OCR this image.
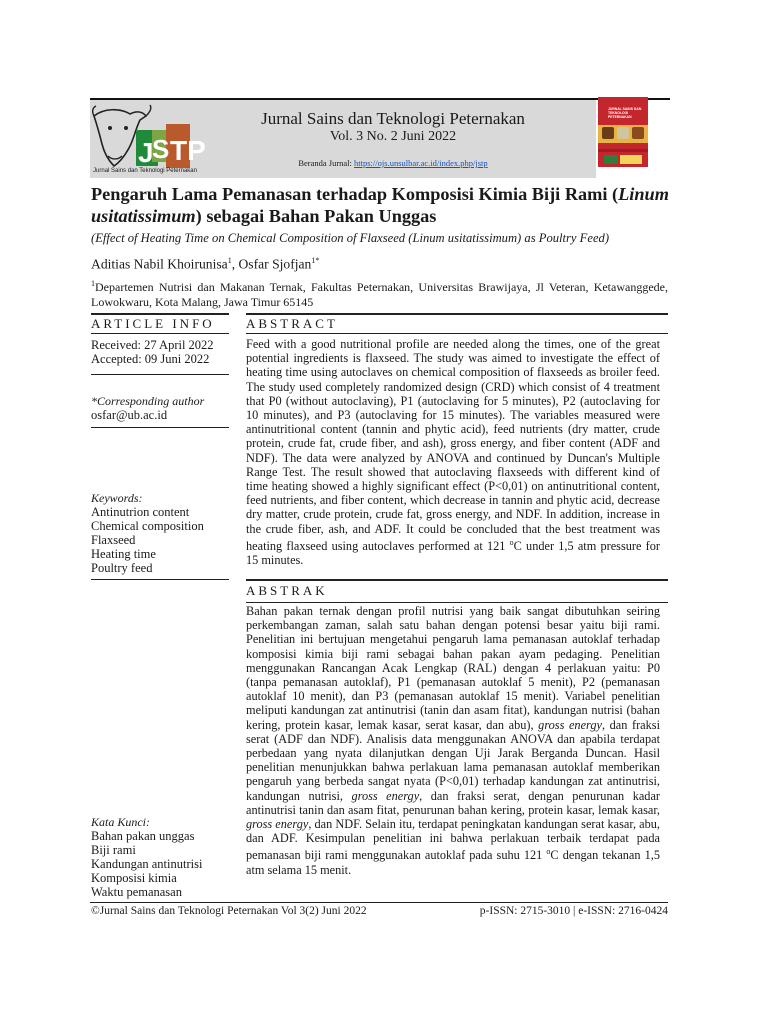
J
S TP
Jurnal Sains dan Teknologi Peternakan
Jurnal Sains dan Teknologi Peternakan
Vol. 3 No. 2 Juni 2022
Beranda Jurnal: https://ojs.unsulbar.ac.id/index.php/jstp
JURNAL SAINS DAN TEKNOLOGI PETERNAKAN
Pengaruh Lama Pemanasan terhadap Komposisi Kimia Biji Rami (Linum usitatissimum) sebagai Bahan Pakan Unggas
(Effect of Heating Time on Chemical Composition of Flaxseed (Linum usitatissimum) as Poultry Feed)
Aditias Nabil Khoirunisa$^1$, Osfar Sjofjan$^{1*}$
$^1$Departemen Nutrisi dan Makanan Ternak, Fakultas Peternakan, Universitas Brawijaya, Jl Veteran, Ketawanggede, Lowokwaru, Kota Malang, Jawa Timur 65145
ARTICLE INFO ABSTRACT
Received: 27 April 2022
Accepted: 09 Juni 2022
*Corresponding author
osfar@ub.ac.id
Keywords:
Antinutrion content
Chemical composition
Flaxseed
Heating time
Poultry feed
Feed with a good nutritional profile are needed along the times, one of the great potential ingredients is flaxseed. The study was aimed to investigate the effect of heating time using autoclaves on chemical composition of flaxseeds as broiler feed. The study used completely randomized design (CRD) which consist of 4 treatment that P0 (without autoclaving), P1 (autoclaving for 5 minutes), P2 (autoclaving for 10 minutes), and P3 (autoclaving for 15 minutes). The variables measured were antinutritional content (tannin and phytic acid), feed nutrients (dry matter, crude protein, crude fat, crude fiber, and ash), gross energy, and fiber content (ADF and NDF). The data were analyzed by ANOVA and continued by Duncan's Multiple Range Test. The result showed that autoclaving flaxseeds with different kind of time heating showed a highly significant effect (P<0,01) on antinutritional content, feed nutrients, and fiber content, which decrease in tannin and phytic acid, decrease dry matter, crude protein, crude fat, gross energy, and NDF. In addition, increase in the crude fiber, ash, and ADF. It could be concluded that the best treatment was heating flaxseed using autoclaves performed at 121 $^o$C under 1,5 atm pressure for 15 minutes.
ABSTRAK
Bahan pakan ternak dengan profil nutrisi yang baik sangat dibutuhkan seiring perkembangan zaman, salah satu bahan dengan potensi besar yaitu biji rami. Penelitian ini bertujuan mengetahui pengaruh lama pemanasan autoklaf terhadap komposisi kimia biji rami sebagai bahan pakan ayam pedaging. Penelitian menggunakan Rancangan Acak Lengkap (RAL) dengan 4 perlakuan yaitu: P0 (tanpa pemanasan autoklaf), P1 (pemanasan autoklaf 5 menit), P2 (pemanasan autoklaf 10 menit), dan P3 (pemanasan autoklaf 15 menit). Variabel penelitian meliputi kandungan zat antinutrisi (tanin dan asam fitat), kandungan nutrisi (bahan kering, protein kasar, lemak kasar, serat kasar, dan abu), gross energy, dan fraksi serat (ADF dan NDF). Analisis data menggunakan ANOVA dan apabila terdapat perbedaan yang nyata dilanjutkan dengan Uji Jarak Berganda Duncan. Hasil penelitian menunjukkan bahwa perlakuan lama pemanasan autoklaf memberikan pengaruh yang berbeda sangat nyata (P<0,01) terhadap kandungan zat antinutrisi, kandungan nutrisi, gross energy, dan fraksi serat, dengan penurunan kadar antinutrisi tanin dan asam fitat, penurunan bahan kering, protein kasar, lemak kasar, gross energy, dan NDF. Selain itu, terdapat peningkatan kandungan serat kasar, abu, dan ADF. Kesimpulan penelitian ini bahwa perlakuan terbaik terdapat pada pemanasan biji rami menggunakan autoklaf pada suhu 121 $^o$C dengan tekanan 1,5 atm selama 15 menit.
Kata Kunci:
Bahan pakan unggas
Biji rami
Kandungan antinutrisi
Komposisi kimia
Waktu pemanasan
©Jurnal Sains dan Teknologi Peternakan Vol 3(2) Juni 2022	p-ISSN: 2715-3010 | e-ISSN: 2716-0424
